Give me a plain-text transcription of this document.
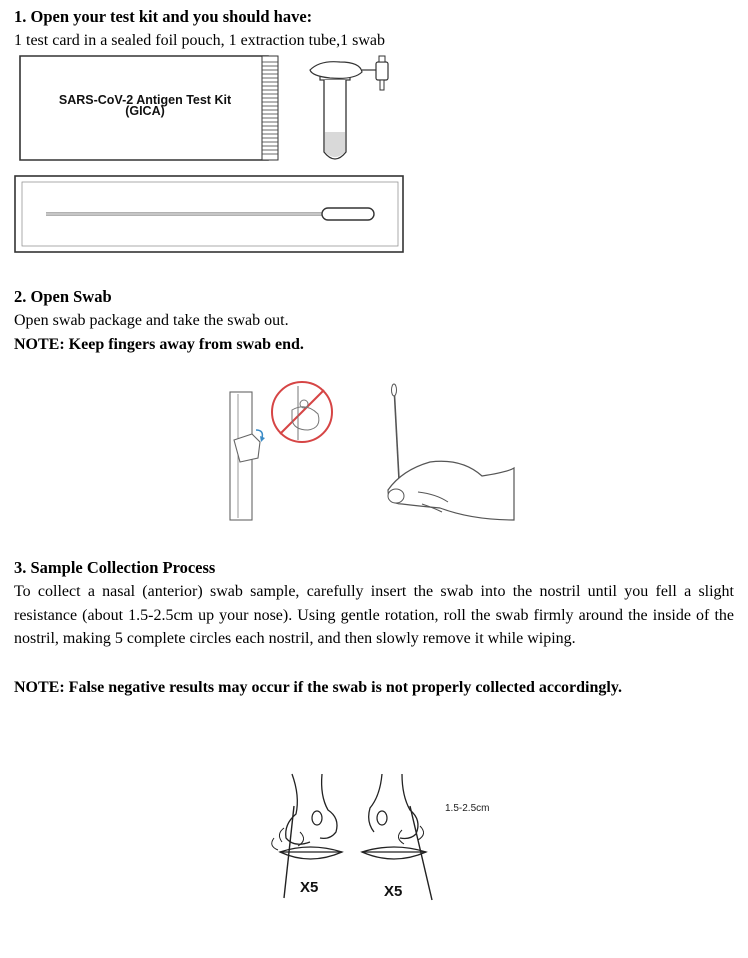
1. Open your test kit and you should have:
1 test card in a sealed foil pouch, 1 extraction tube,1 swab
SARS-CoV-2 Antigen Test Kit
(GICA)
2. Open Swab
Open swab package and take the swab out.
NOTE: Keep fingers away from swab end.
3. Sample Collection Process
To collect a nasal (anterior) swab sample, carefully insert the swab into the nostril until you fell a slight resistance (about 1.5-2.5cm up your nose). Using gentle rotation, roll the swab firmly around the inside of the nostril, making 5 complete circles each nostril, and then slowly remove it while wiping.
NOTE: False negative results may occur if the swab is not properly collected accordingly.
1.5-2.5cm
X5	X5
